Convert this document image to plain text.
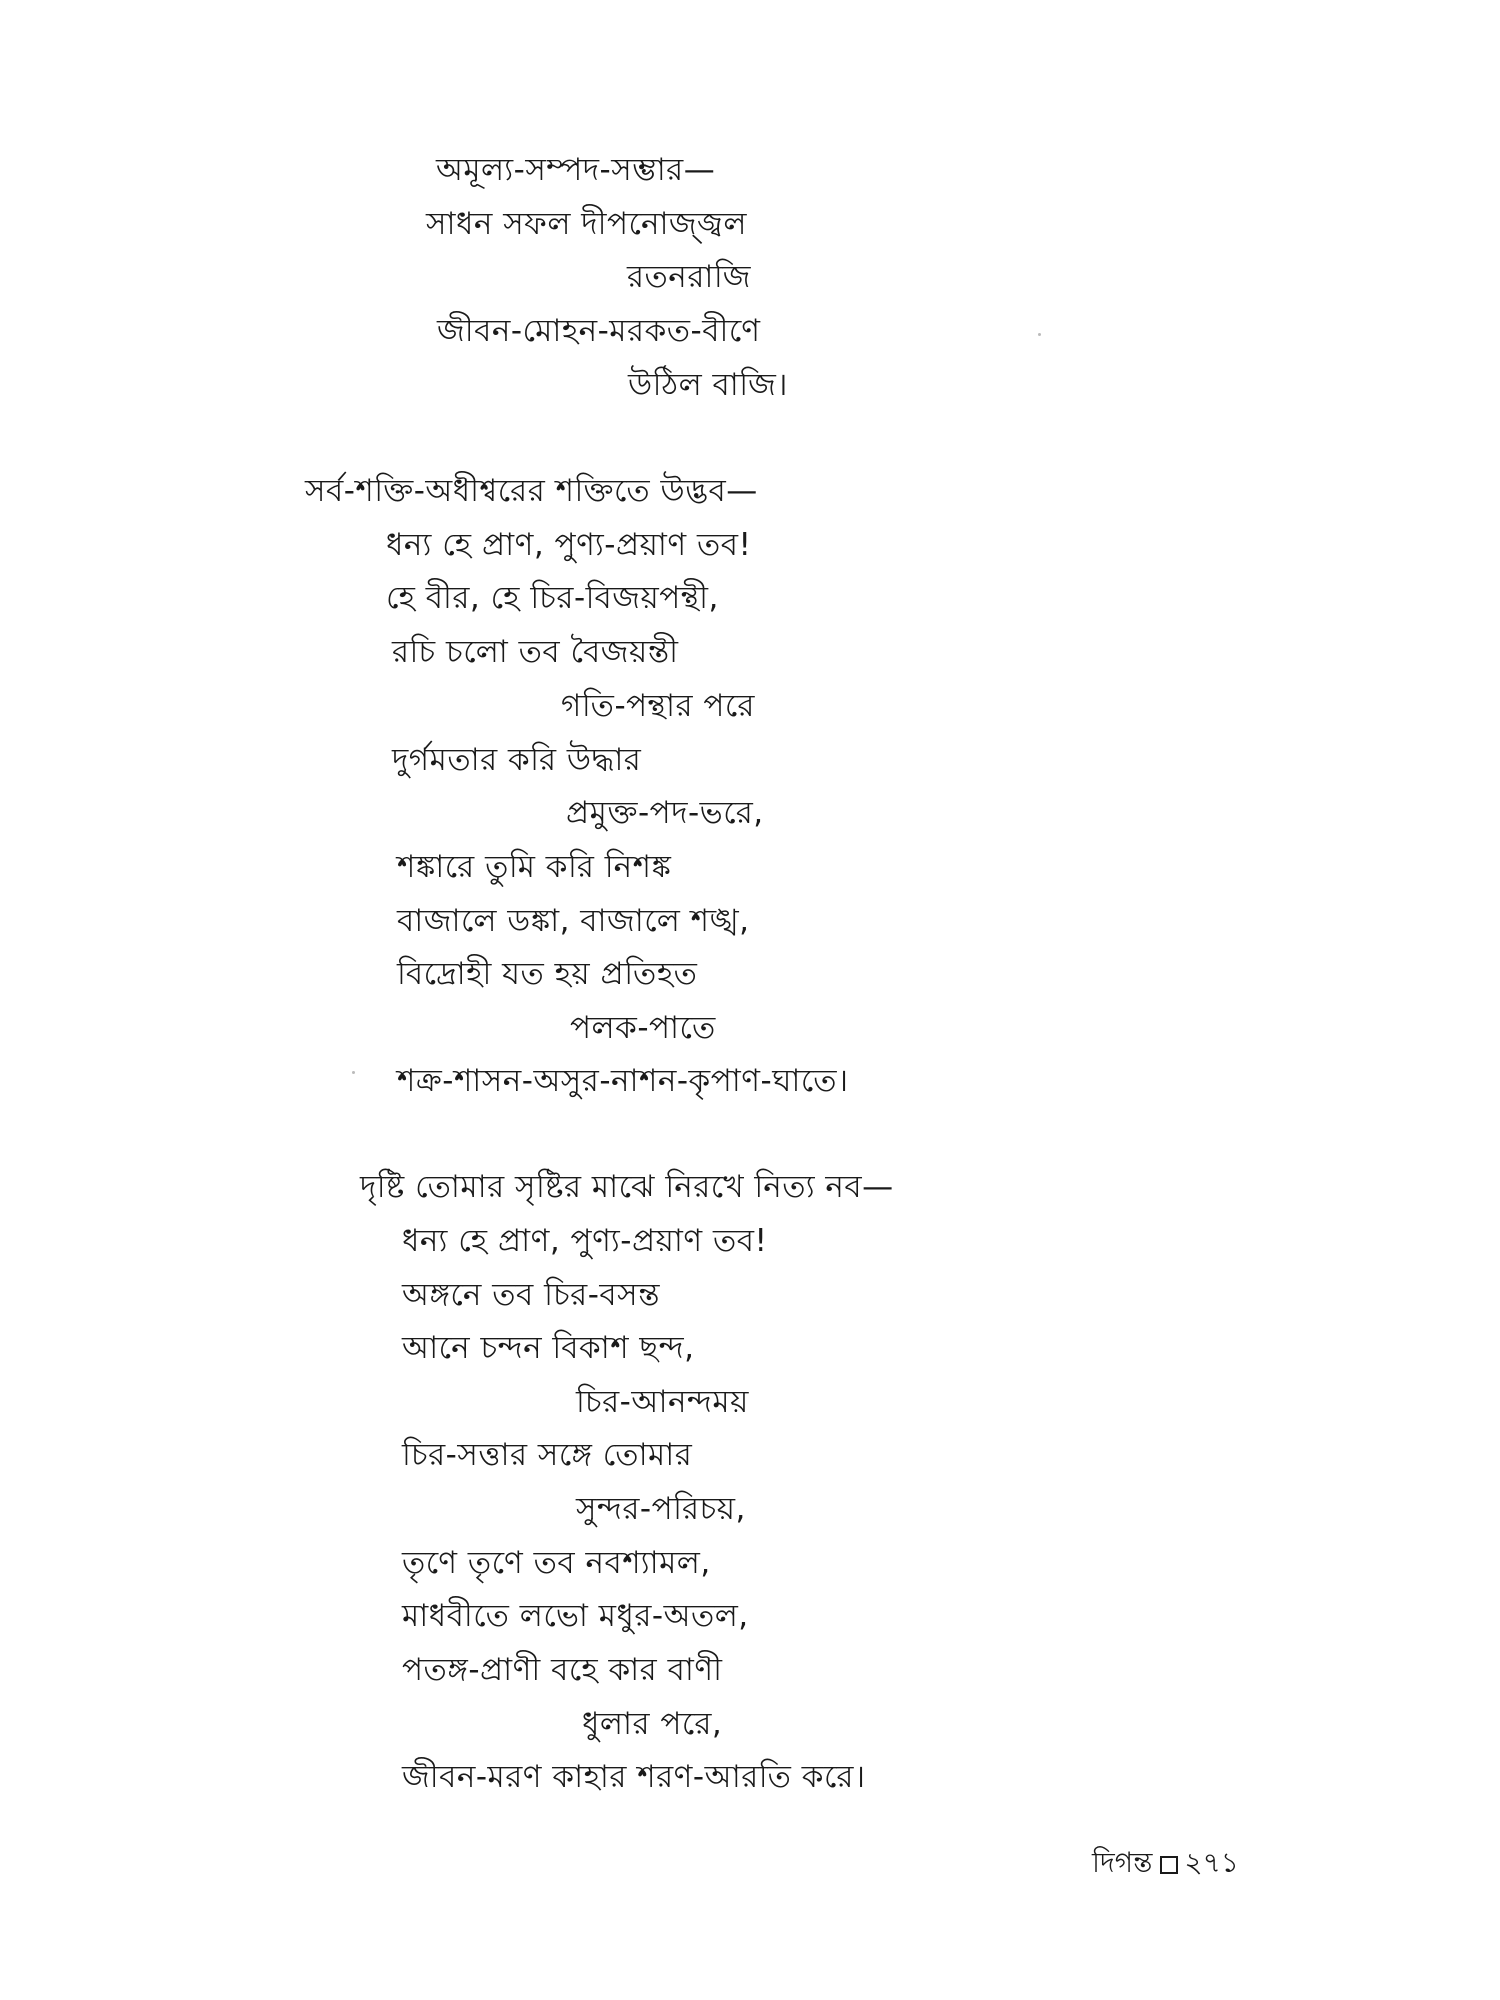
অমূল্য-সম্পদ-সম্ভার—
সাধন সফল দীপনোজ্জ্বল
রতনরাজি
জীবন-মোহন-মরকত-বীণে
উঠিল বাজি।
সর্ব-শক্তি-অধীশ্বরের শক্তিতে উদ্ভব—
ধন্য হে প্রাণ, পুণ্য-প্রয়াণ তব!
হে বীর, হে চির-বিজয়পন্থী,
রচি চলো তব বৈজয়ন্তী
গতি-পন্থার পরে
দুর্গমতার করি উদ্ধার
প্রমুক্ত-পদ-ভরে,
শঙ্কারে তুমি করি নিশঙ্ক
বাজালে ডঙ্কা, বাজালে শঙ্খ,
বিদ্রোহী যত হয় প্রতিহত
পলক-পাতে
শক্র-শাসন-অসুর-নাশন-কৃপাণ-ঘাতে।
দৃষ্টি তোমার সৃষ্টির মাঝে নিরখে নিত্য নব—
ধন্য হে প্রাণ, পুণ্য-প্রয়াণ তব!
অঙ্গনে তব চির-বসন্ত
আনে চন্দন বিকাশ ছন্দ,
চির-আনন্দময়
চির-সত্তার সঙ্গে তোমার
সুন্দর-পরিচয়,
তৃণে তৃণে তব নবশ্যামল,
মাধবীতে লভো মধুর-অতল,
পতঙ্গ-প্রাণী বহে কার বাণী
ধুলার পরে,
জীবন-মরণ কাহার শরণ-আরতি করে।
দিগন্ত ২৭১
